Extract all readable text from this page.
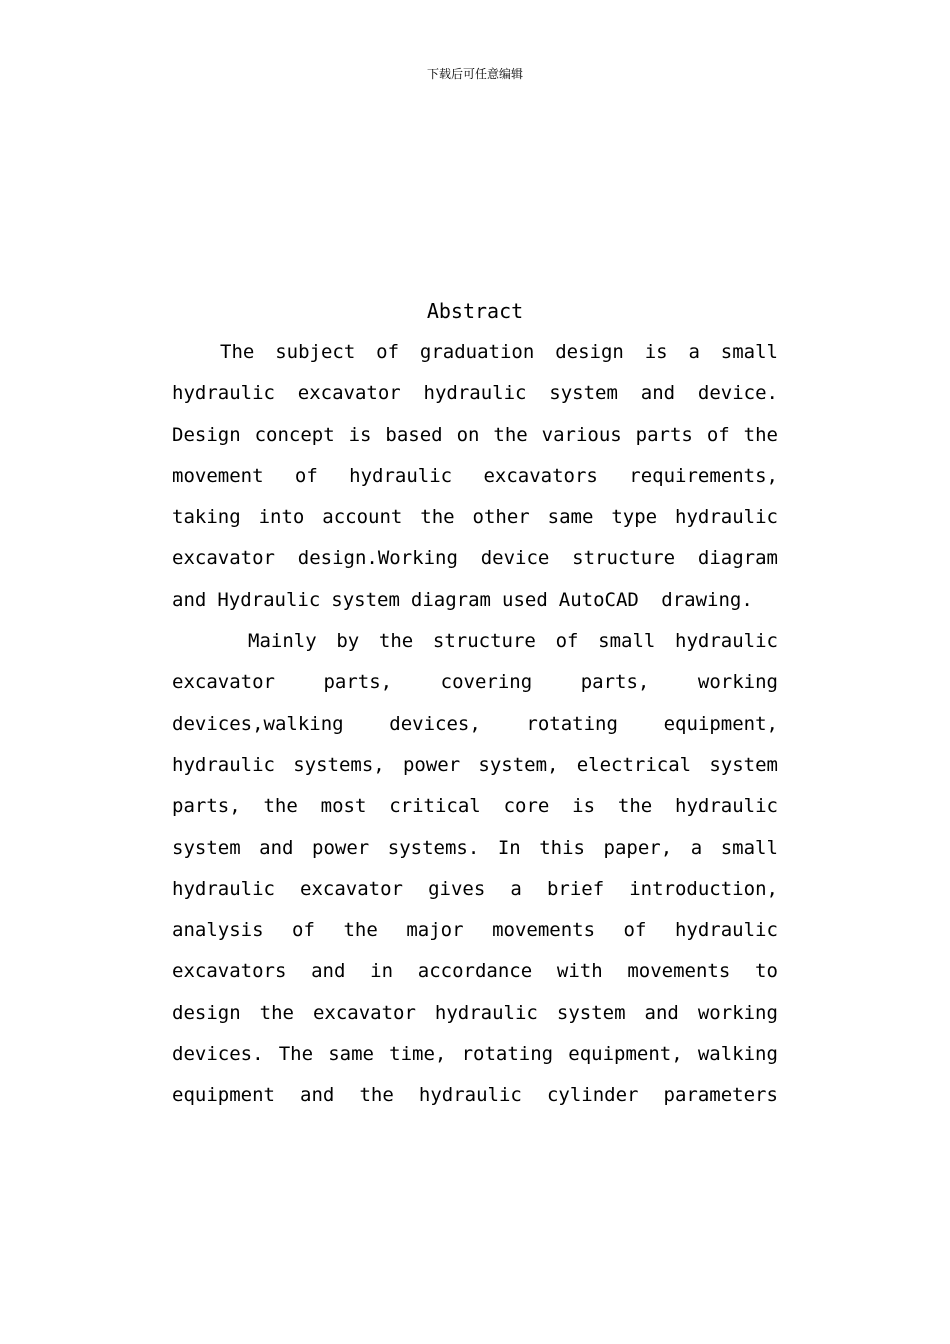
下载后可任意编辑
Abstract
The subject of graduation design is a small
hydraulic excavator hydraulic system and device.
Design concept is based on the various parts of the
movement of hydraulic excavators requirements,
taking into account the other same type hydraulic
excavator design.Working device structure diagram
and Hydraulic system diagram used AutoCAD drawing.
Mainly by the structure of small hydraulic
excavator	parts,	covering	parts,	working
devices,walking devices, rotating equipment,
hydraulic systems, power system, electrical system
parts, the most critical core is the hydraulic
system and power systems. In this paper, a small
hydraulic excavator gives a brief introduction,
analysis of the major movements of hydraulic
excavators and in accordance with movements to
design the excavator hydraulic system and working
devices. The same time, rotating equipment, walking
equipment and the hydraulic cylinder parameters
